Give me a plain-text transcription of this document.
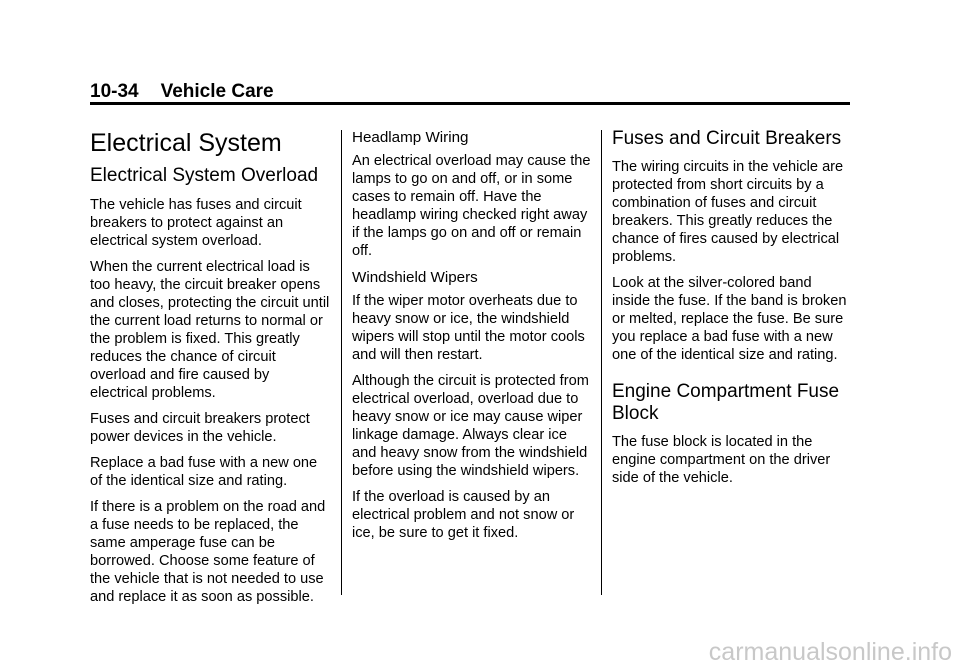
10-34 Vehicle Care
Electrical System
Electrical System Overload

The vehicle has fuses and circuit breakers to protect against an electrical system overload.

When the current electrical load is too heavy, the circuit breaker opens and closes, protecting the circuit until the current load returns to normal or the problem is fixed. This greatly reduces the chance of circuit overload and fire caused by electrical problems.

Fuses and circuit breakers protect power devices in the vehicle.

Replace a bad fuse with a new one of the identical size and rating.

If there is a problem on the road and a fuse needs to be replaced, the same amperage fuse can be borrowed. Choose some feature of the vehicle that is not needed to use and replace it as soon as possible.

Headlamp Wiring

An electrical overload may cause the lamps to go on and off, or in some cases to remain off. Have the headlamp wiring checked right away if the lamps go on and off or remain off.

Windshield Wipers

If the wiper motor overheats due to heavy snow or ice, the windshield wipers will stop until the motor cools and will then restart.

Although the circuit is protected from electrical overload, overload due to heavy snow or ice may cause wiper linkage damage. Always clear ice and heavy snow from the windshield before using the windshield wipers.

If the overload is caused by an electrical problem and not snow or ice, be sure to get it fixed.

Fuses and Circuit Breakers

The wiring circuits in the vehicle are protected from short circuits by a combination of fuses and circuit breakers. This greatly reduces the chance of fires caused by electrical problems.

Look at the silver-colored band inside the fuse. If the band is broken or melted, replace the fuse. Be sure you replace a bad fuse with a new one of the identical size and rating.

Engine Compartment Fuse Block

The fuse block is located in the engine compartment on the driver side of the vehicle.

carmanualsonline.info
